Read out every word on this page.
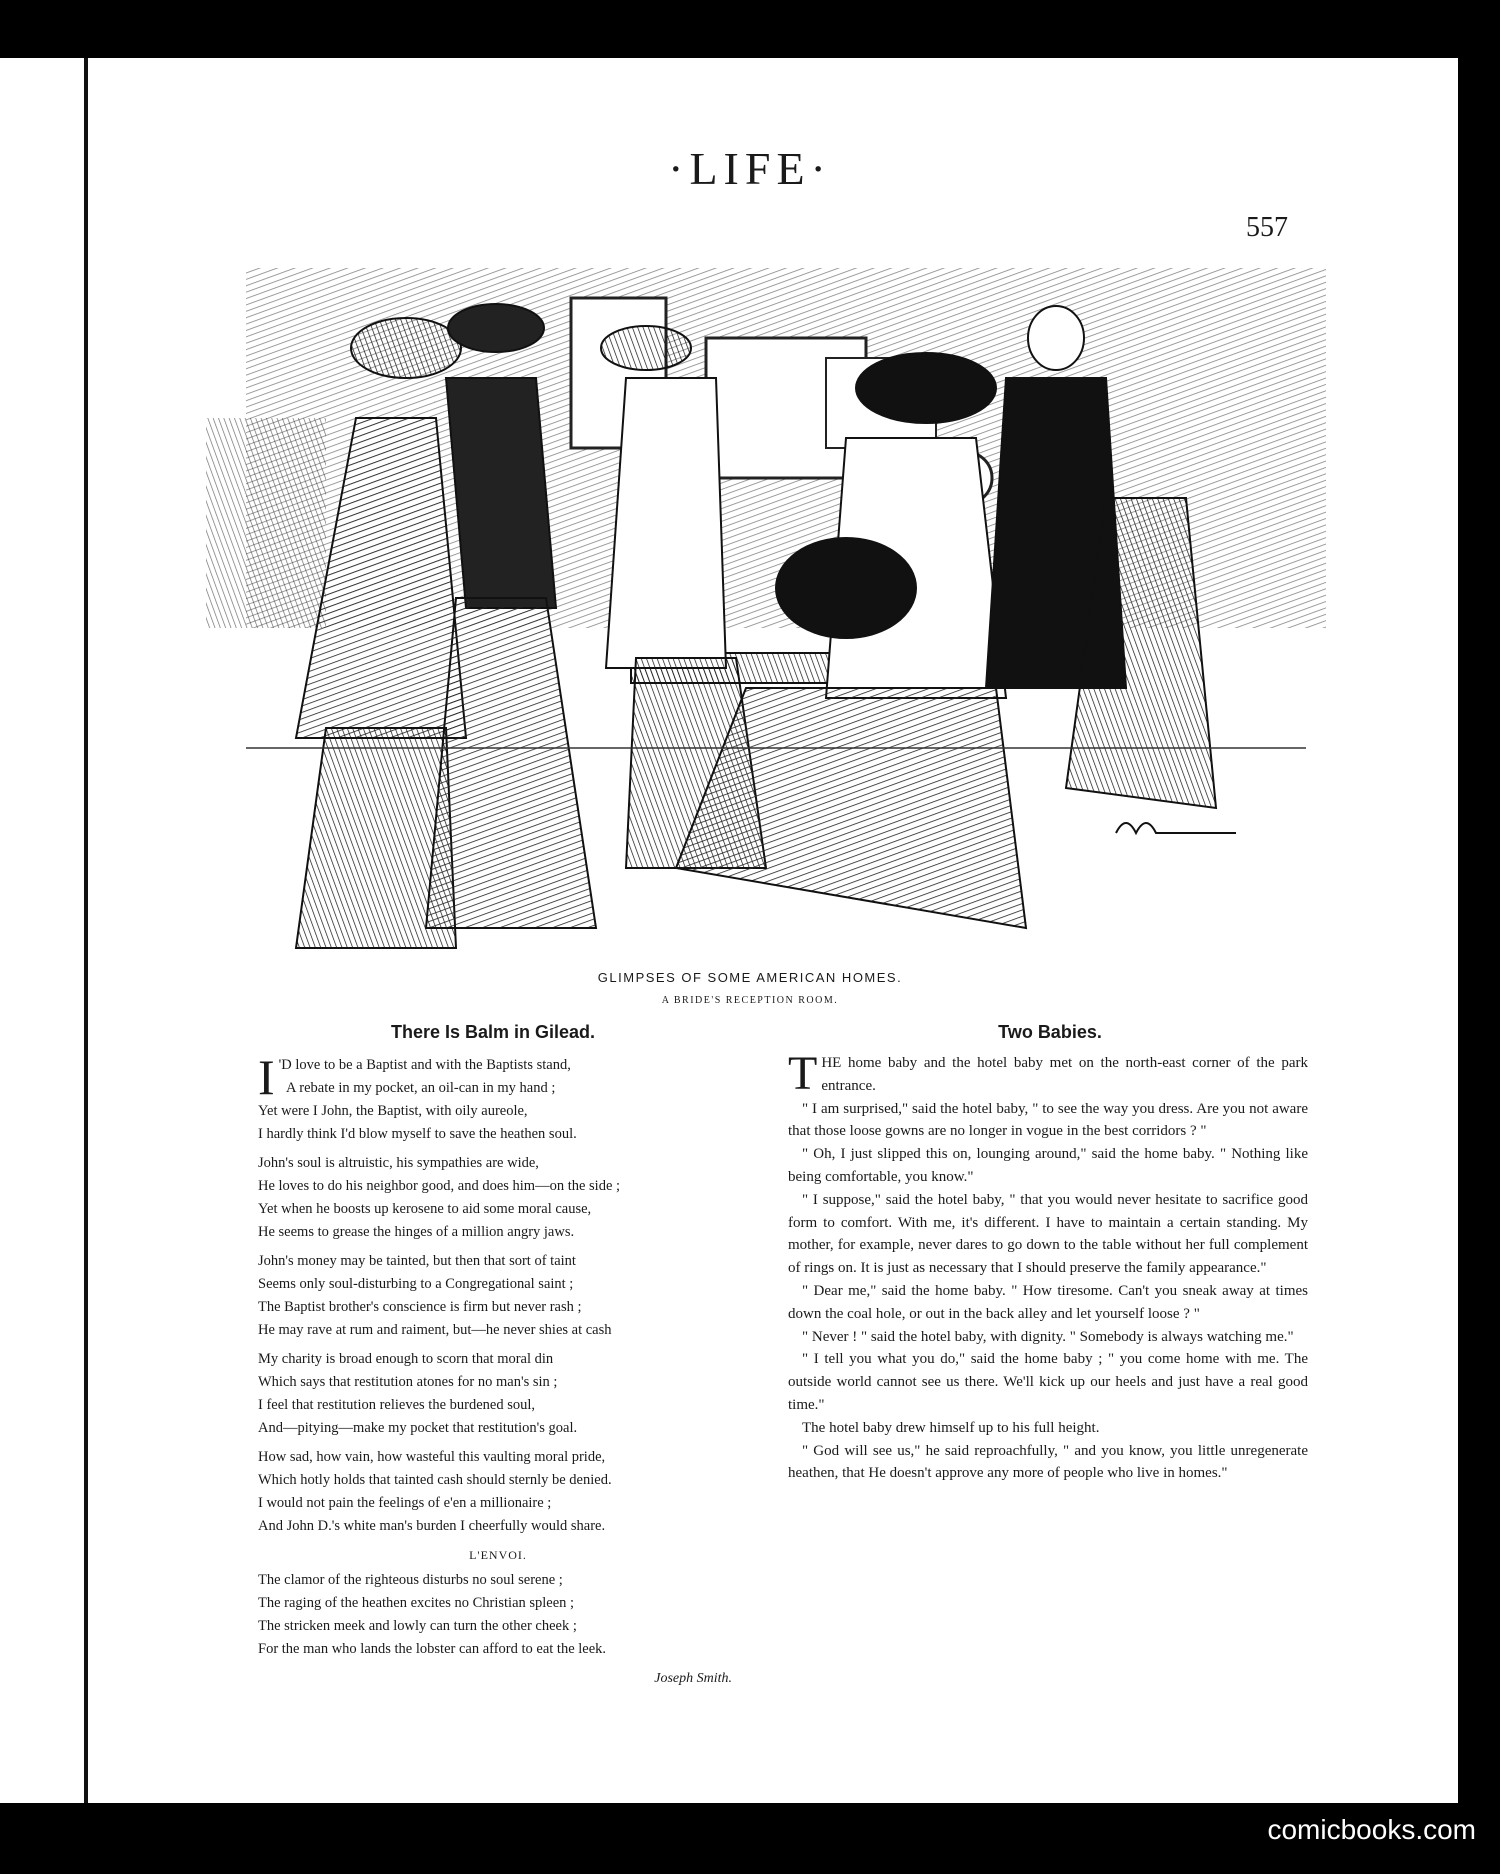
·LIFE·
557
GLIMPSES OF SOME AMERICAN HOMES.
A BRIDE'S RECEPTION ROOM.
There Is Balm in Gilead.	Two Babies.
I 'D love to be a Baptist and with the Baptists stand,
A rebate in my pocket, an oil-can in my hand ;
Yet were I John, the Baptist, with oily aureole,
I hardly think I'd blow myself to save the heathen soul.
John's soul is altruistic, his sympathies are wide,
He loves to do his neighbor good, and does him—on the side ;
Yet when he boosts up kerosene to aid some moral cause,
He seems to grease the hinges of a million angry jaws.
John's money may be tainted, but then that sort of taint
Seems only soul-disturbing to a Congregational saint ;
The Baptist brother's conscience is firm but never rash ;
He may rave at rum and raiment, but—he never shies at cash
My charity is broad enough to scorn that moral din
Which says that restitution atones for no man's sin ;
I feel that restitution relieves the burdened soul,
And—pitying—make my pocket that restitution's goal.
How sad, how vain, how wasteful this vaulting moral pride,
Which hotly holds that tainted cash should sternly be denied.
I would not pain the feelings of e'en a millionaire ;
And John D.'s white man's burden I cheerfully would share.
L'ENVOI.
The clamor of the righteous disturbs no soul serene ;
The raging of the heathen excites no Christian spleen ;
The stricken meek and lowly can turn the other cheek ;
For the man who lands the lobster can afford to eat the leek.
Joseph Smith.

THE home baby and the hotel baby met on the north-east corner of the park entrance.

" I am surprised," said the hotel baby, " to see the way you dress. Are you not aware that those loose gowns are no longer in vogue in the best corridors ? "

" Oh, I just slipped this on, lounging around," said the home baby. " Nothing like being comfortable, you know."

" I suppose," said the hotel baby, " that you would never hesitate to sacrifice good form to comfort. With me, it's different. I have to maintain a certain standing. My mother, for example, never dares to go down to the table without her full complement of rings on. It is just as necessary that I should preserve the family appearance."

" Dear me," said the home baby. " How tiresome. Can't you sneak away at times down the coal hole, or out in the back alley and let yourself loose ? "

" Never ! " said the hotel baby, with dignity. " Somebody is always watching me."

" I tell you what you do," said the home baby ; " you come home with me. The outside world cannot see us there. We'll kick up our heels and just have a real good time."

The hotel baby drew himself up to his full height.

" God will see us," he said reproachfully, " and you know, you little unregenerate heathen, that He doesn't approve any more of people who live in homes."

comicbooks.com
